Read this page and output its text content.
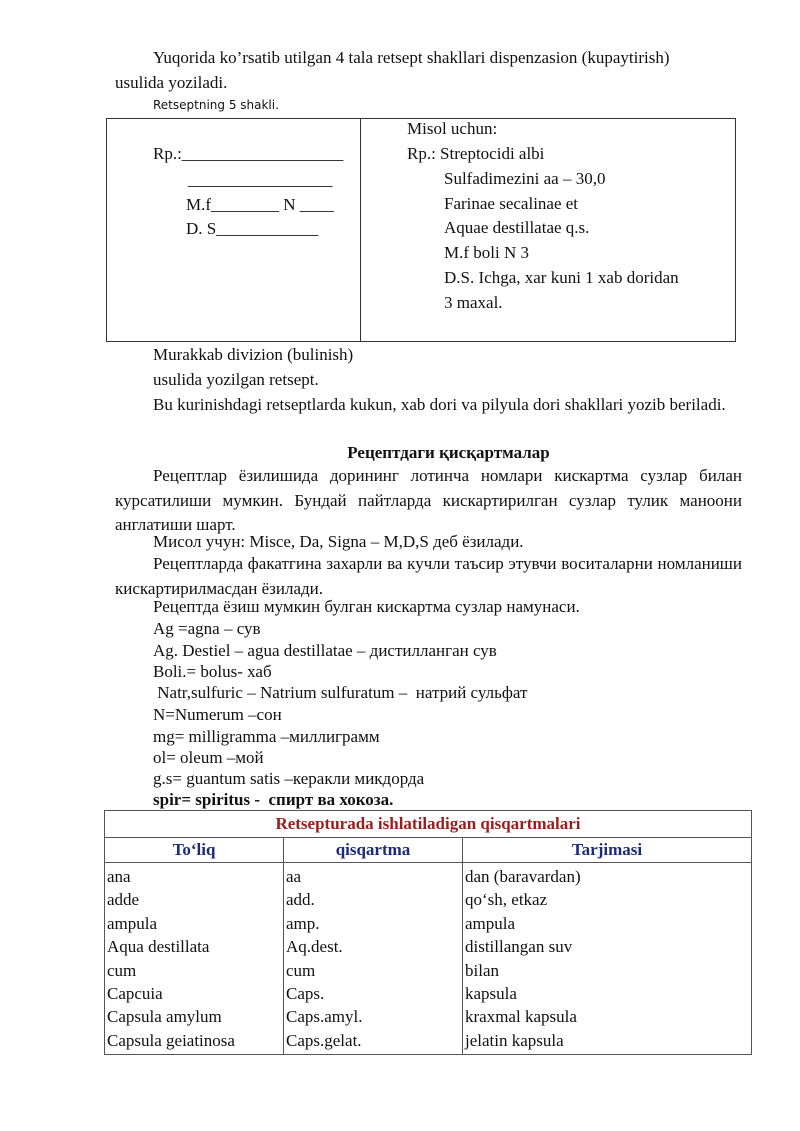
Yuqorida ko’rsatib utilgan 4 tala retsept shakllari dispenzasion (kupaytirish)
usulida yoziladi.
Retseptning 5 shakli.
Rp.:___________________
_________________
M.f________ N ____
D. S____________
Misol uchun:
Rp.: Streptocidi albi
Sulfadimezini aa – 30,0
Farinae secalinae et
Aquae destillatae q.s.
M.f boli N 3
D.S. Ichga, xar kuni 1 xab doridan
3 maxal.
Murakkab divizion (bulinish)
usulida yozilgan retsept.
Bu kurinishdagi retseptlarda kukun, xab dori va pilyula dori shakllari yozib beriladi.
Рецептдаги қисқартмалар
Рецептлар ёзилишида дорининг лотинча номлари кискартма сузлар билан курсатилиши мумкин. Бундай пайтларда кискартирилган сузлар тулик маноони англатиши шарт.
Мисол учун: Misce, Da, Signa – M,D,S деб ёзилади.
Рецептларда факатгина захарли ва кучли таъсир этувчи воситаларни номланиши кискартирилмасдан ёзилади.
Рецептда ёзиш мумкин булган кискартма сузлар намунаси.
Ag =agna – сув
Ag. Destiel – agua destillatae – дистилланган сув
Boli.= bolus- хаб
Natr,sulfuric – Natrium sulfuratum –  натрий сульфат
N=Numerum –сон
mg= milligramma –миллиграмм
ol= oleum –мой
g.s= guantum satis –керакли микдорда
spir= spiritus -  спирт ва хокоза.
Retsepturada ishlatiladigan qisqartmalari		
To‘liq	qisqartma	Tarjimasi
ana	aa	dan (baravardan)
adde	add.	qo‘sh, etkaz
ampula	amp.	ampula
Aqua destillata	Aq.dest.	distillangan suv
cum	cum	bilan
Capcuia	Caps.	kapsula
Capsula amylum	Caps.amyl.	kraxmal kapsula
Capsula geiatinosa	Caps.gelat.	jelatin kapsula
